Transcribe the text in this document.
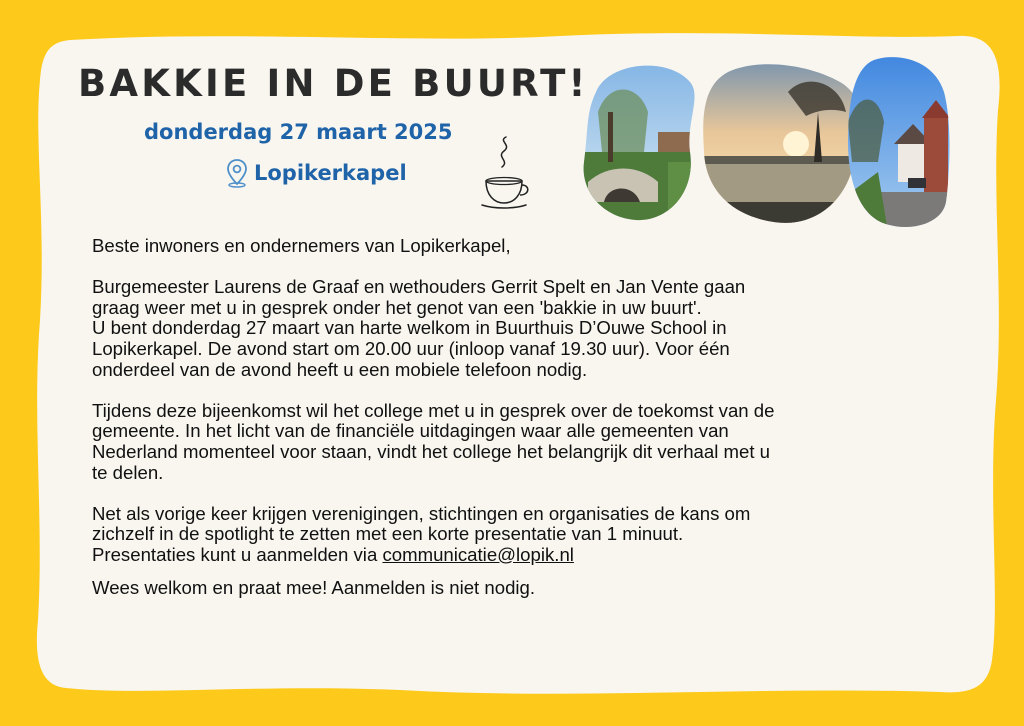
BAKKIE IN DE BUURT!
donderdag 27 maart 2025
Lopikerkapel

Beste inwoners en ondernemers van Lopikerkapel,

Burgemeester Laurens de Graaf en wethouders Gerrit Spelt en Jan Vente gaan

graag weer met u in gesprek onder het genot van een 'bakkie in uw buurt'.

U bent donderdag 27 maart van harte welkom in Buurthuis D’Ouwe School in

Lopikerkapel. De avond start om 20.00 uur (inloop vanaf 19.30 uur). Voor één

onderdeel van de avond heeft u een mobiele telefoon nodig.

Tijdens deze bijeenkomst wil het college met u in gesprek over de toekomst van de

gemeente. In het licht van de financiële uitdagingen waar alle gemeenten van

Nederland momenteel voor staan, vindt het college het belangrijk dit verhaal met u

te delen.

Net als vorige keer krijgen verenigingen, stichtingen en organisaties de kans om

zichzelf in de spotlight te zetten met een korte presentatie van 1 minuut.

Presentaties kunt u aanmelden via communicatie@lopik.nl

Wees welkom en praat mee! Aanmelden is niet nodig.
